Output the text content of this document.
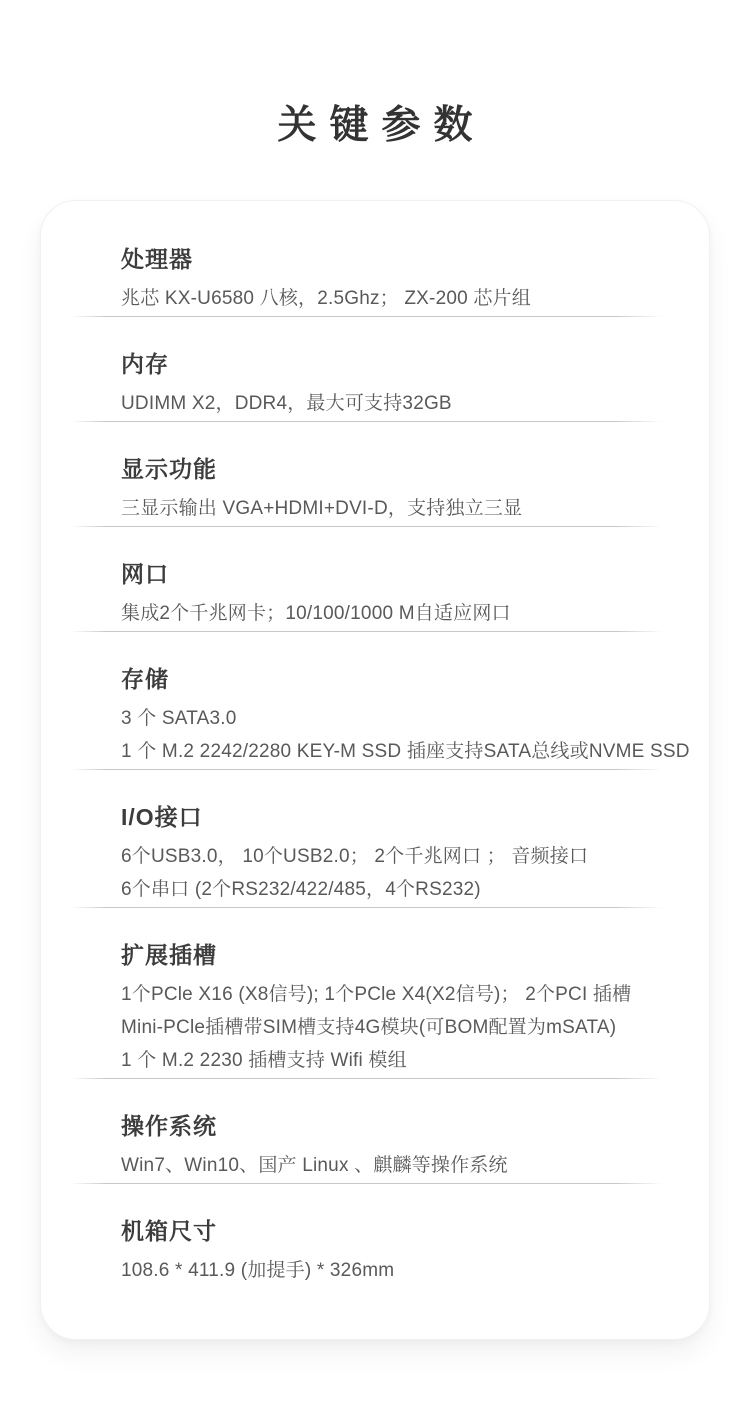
关键参数
处理器

兆芯 KX-U6580 八核，2.5Ghz； ZX-200 芯片组

内存

UDIMM X2，DDR4，最大可支持32GB

显示功能

三显示输出 VGA+HDMI+DVI-D，支持独立三显

网口

集成2个千兆网卡；10/100/1000 M自适应网口

存储

3 个 SATA3.0

1 个 M.2 2242/2280 KEY-M SSD 插座支持SATA总线或NVME SSD

I/O接口

6个USB3.0， 10个USB2.0； 2个千兆网口 ； 音频接口

6个串口 (2个RS232/422/485，4个RS232)

扩展插槽

1个PCle X16 (X8信号); 1个PCle X4(X2信号)； 2个PCI 插槽

Mini-PCle插槽带SIM槽支持4G模块(可BOM配置为mSATA)

1 个 M.2 2230 插槽支持 Wifi 模组

操作系统

Win7、Win10、国产 Linux 、麒麟等操作系统

机箱尺寸

108.6 * 411.9 (加提手) * 326mm
